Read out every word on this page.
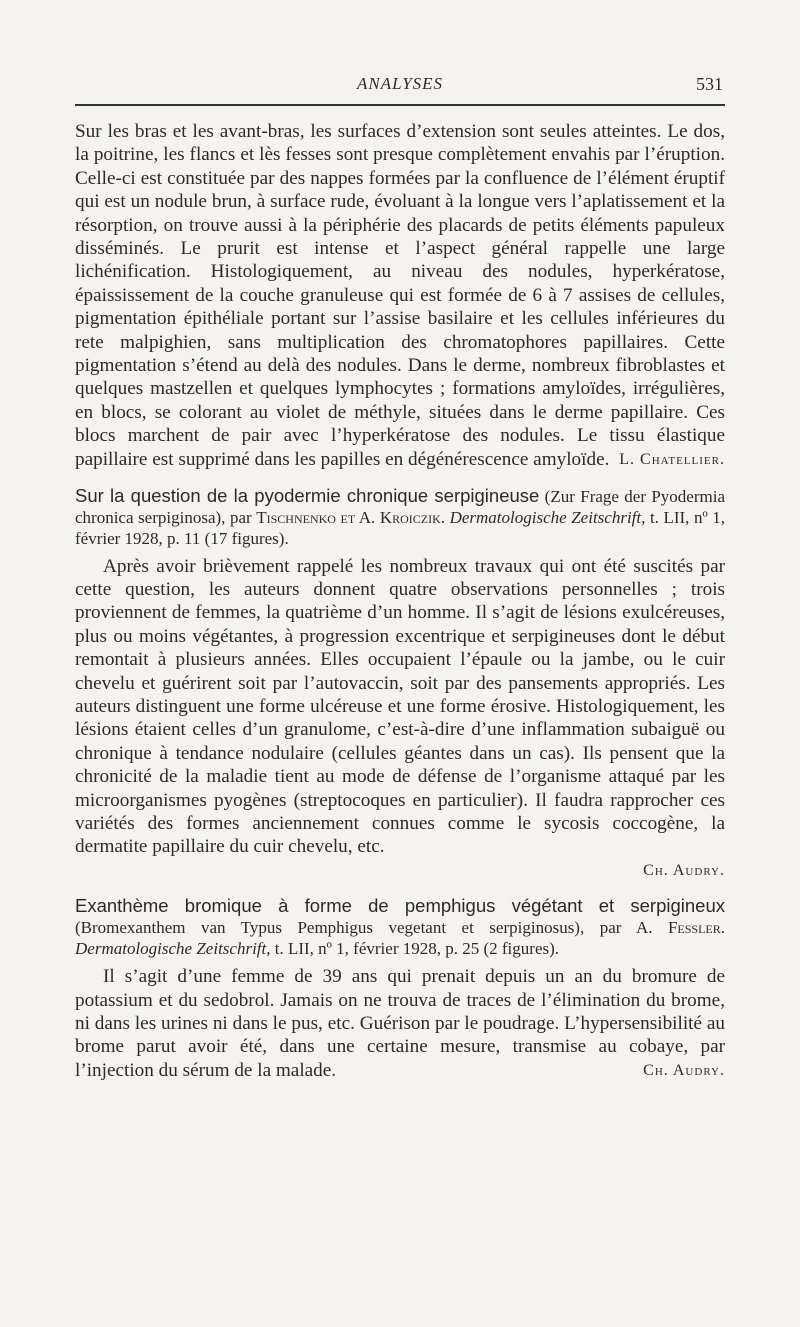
ANALYSES	531

Sur les bras et les avant-bras, les surfaces d’extension sont seules atteintes. Le dos, la poitrine, les flancs et lès fesses sont presque complètement envahis par l’éruption. Celle-ci est constituée par des nappes formées par la confluence de l’élément éruptif qui est un nodule brun, à surface rude, évoluant à la longue vers l’aplatissement et la résorption, on trouve aussi à la périphérie des placards de petits éléments papuleux disséminés. Le prurit est intense et l’aspect général rappelle une large lichénification. Histologiquement, au niveau des nodules, hyperkératose, épaississement de la couche granuleuse qui est formée de 6 à 7 assises de cellules, pigmentation épithéliale portant sur l’assise basilaire et les cellules inférieures du rete malpighien, sans multiplication des chromatophores papillaires. Cette pigmentation s’étend au delà des nodules. Dans le derme, nombreux fibroblastes et quelques mastzellen et quelques lymphocytes ; formations amyloïdes, irrégulières, en blocs, se colorant au violet de méthyle, situées dans le derme papillaire. Ces blocs marchent de pair avec l’hyperkératose des nodules. Le tissu élastique papillaire est supprimé dans les papilles en dégénérescence amyloïde. L. Chatellier.
Sur la question de la pyodermie chronique serpigineuse (Zur Frage der Pyodermia chronica serpiginosa), par Tischnenko et A. Kroiczik. Dermatologische Zeitschrift, t. LII, nº 1, février 1928, p. 11 (17 figures).

Après avoir brièvement rappelé les nombreux travaux qui ont été suscités par cette question, les auteurs donnent quatre observations personnelles ; trois proviennent de femmes, la quatrième d’un homme. Il s’agit de lésions exulcéreuses, plus ou moins végétantes, à progression excentrique et serpigineuses dont le début remontait à plusieurs années. Elles occupaient l’épaule ou la jambe, ou le cuir chevelu et guérirent soit par l’autovaccin, soit par des pansements appropriés. Les auteurs distinguent une forme ulcéreuse et une forme érosive. Histologiquement, les lésions étaient celles d’un granulome, c’est-à-dire d’une inflammation subaiguë ou chronique à tendance nodulaire (cellules géantes dans un cas). Ils pensent que la chronicité de la maladie tient au mode de défense de l’organisme attaqué par les microorganismes pyogènes (streptocoques en particulier). Il faudra rapprocher ces variétés des formes anciennement connues comme le sycosis coccogène, la dermatite papillaire du cuir chevelu, etc.

Ch. Audry.
Exanthème bromique à forme de pemphigus végétant et serpigineux (Bromexanthem van Typus Pemphigus vegetant et serpiginosus), par A. Fessler. Dermatologische Zeitschrift, t. LII, nº 1, février 1928, p. 25 (2 figures).

Il s’agit d’une femme de 39 ans qui prenait depuis un an du bromure de potassium et du sedobrol. Jamais on ne trouva de traces de l’élimination du brome, ni dans les urines ni dans le pus, etc. Guérison par le poudrage. L’hypersensibilité au brome parut avoir été, dans une certaine mesure, transmise au cobaye, par l’injection du sérum de la malade.	Ch. Audry.
